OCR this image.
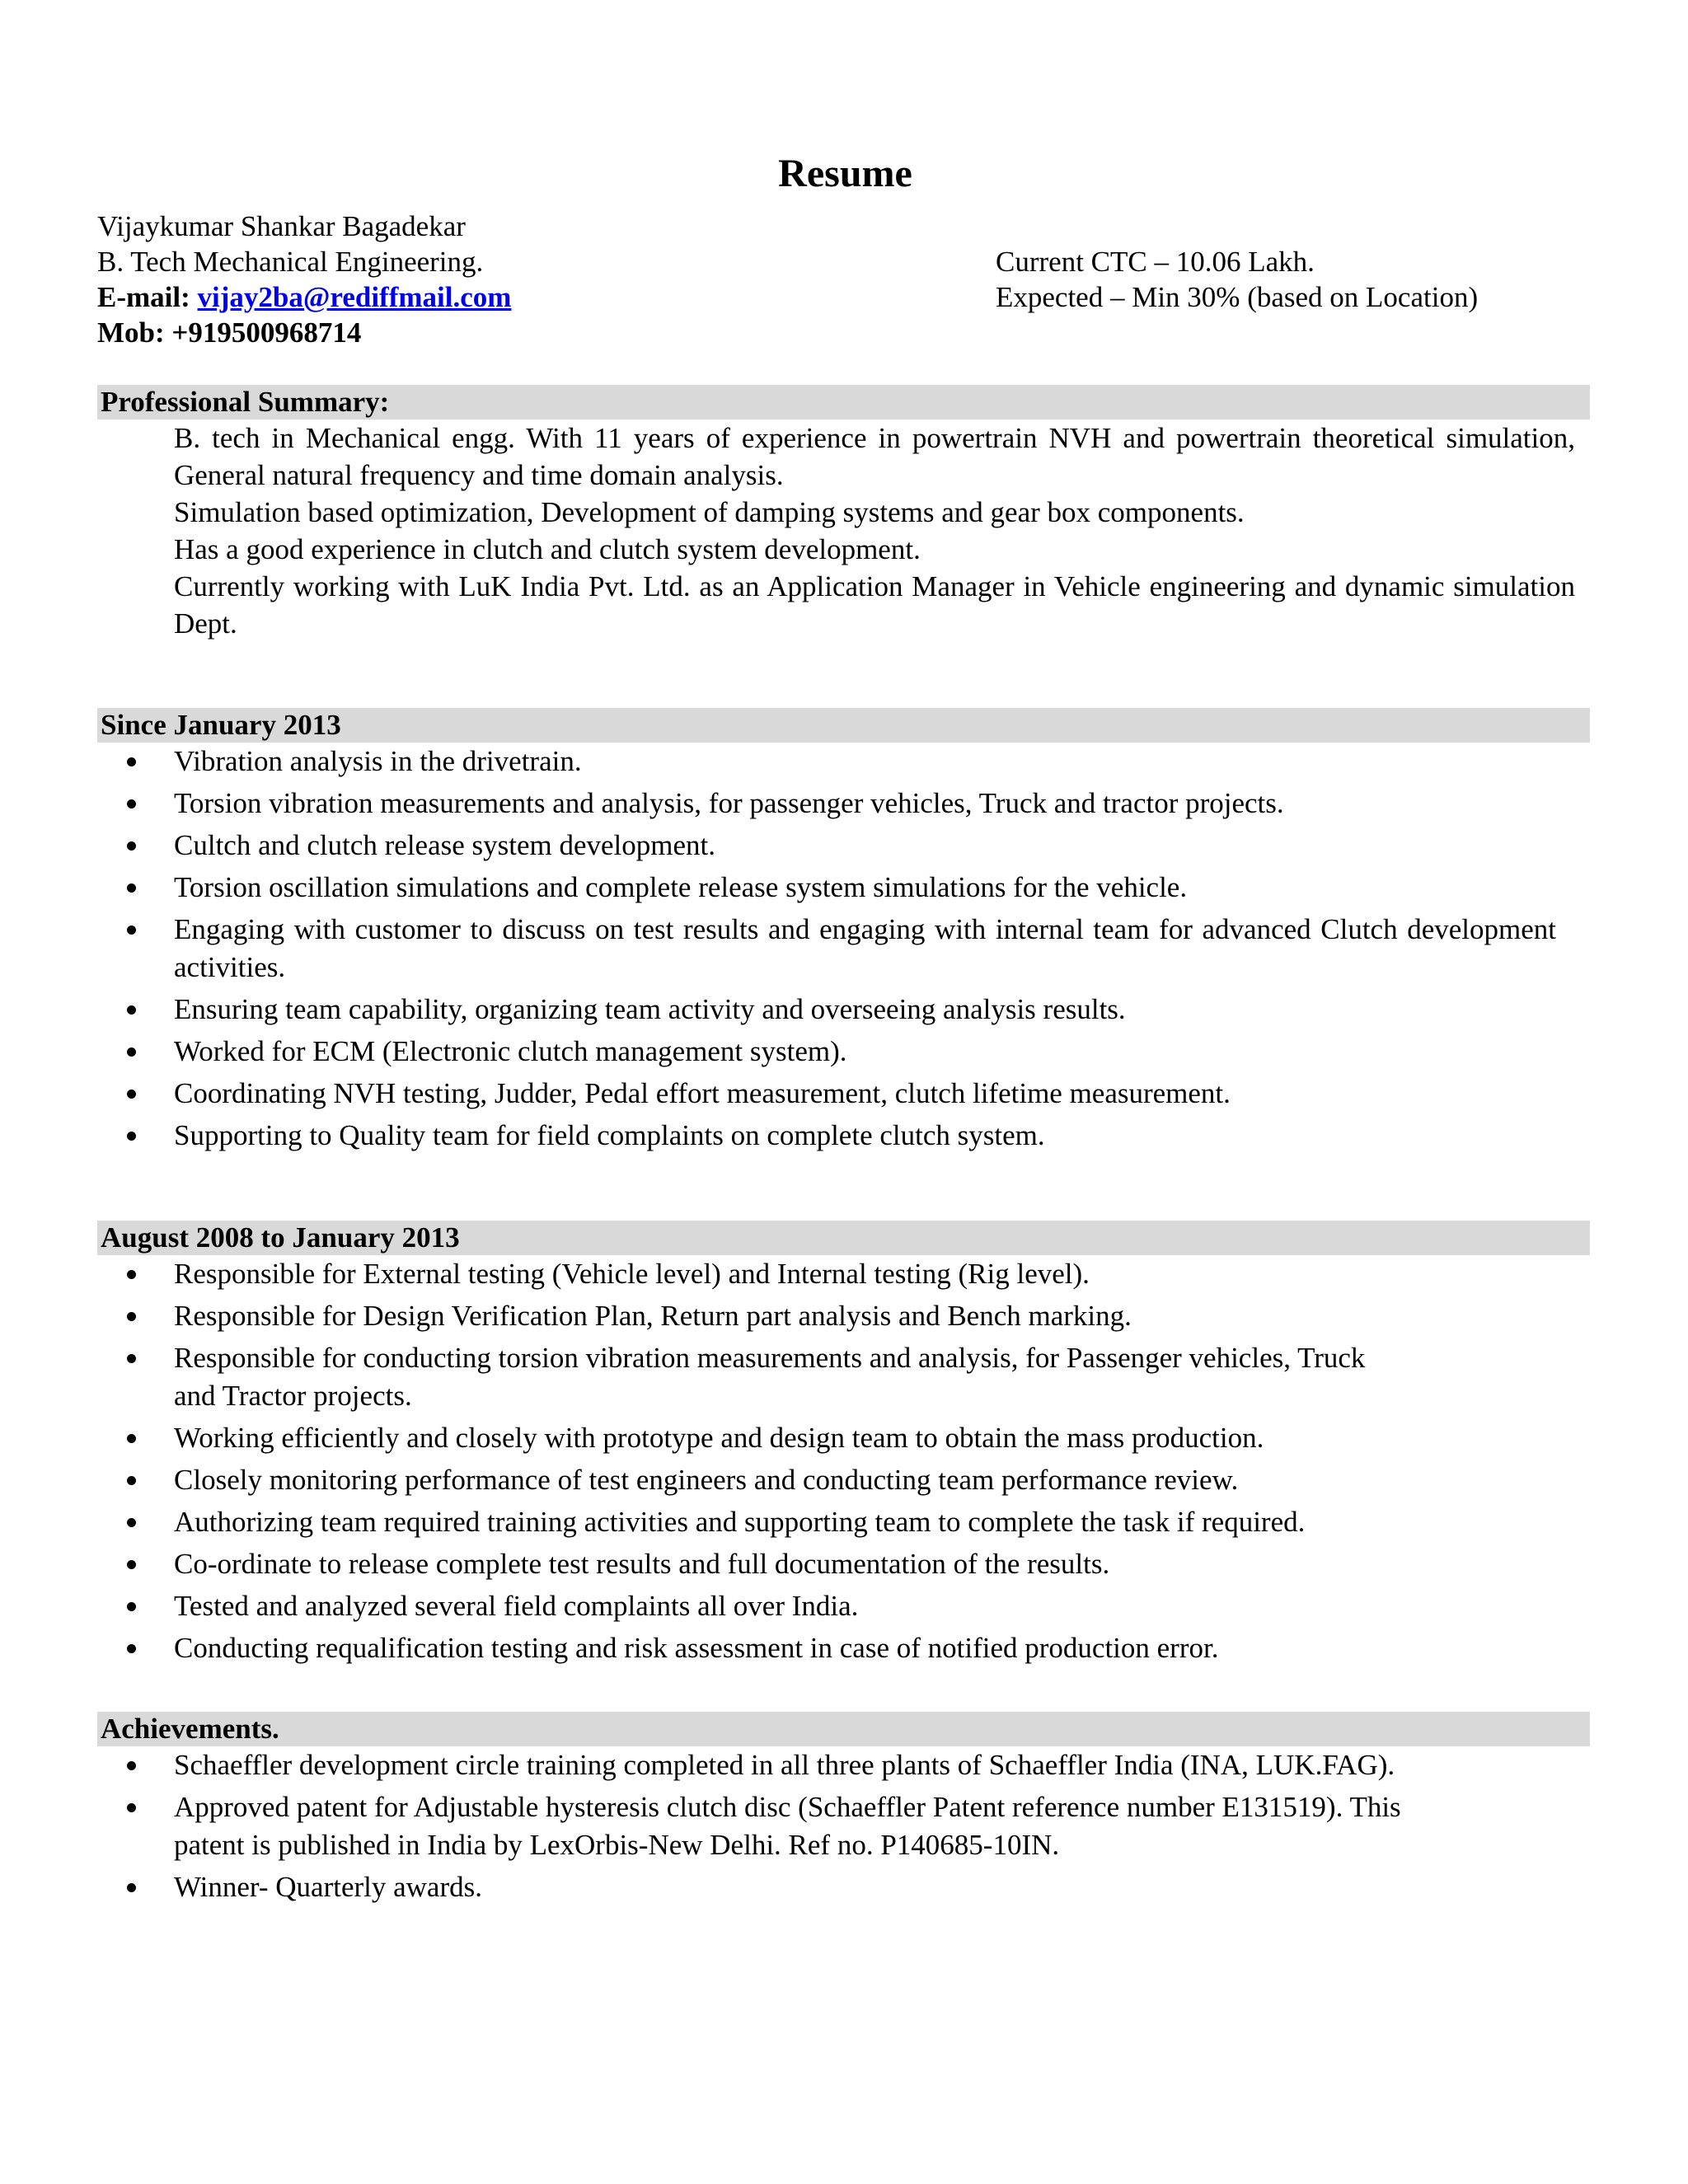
Resume
Vijaykumar Shankar Bagadekar
B. Tech Mechanical Engineering.
E-mail: vijay2ba@rediffmail.com
Mob: +919500968714
Current CTC – 10.06 Lakh.
Expected – Min 30% (based on Location)
Professional Summary:

B. tech in Mechanical engg. With 11 years of experience in powertrain NVH and powertrain theoretical simulation, General natural frequency and time domain analysis.

Simulation based optimization, Development of damping systems and gear box components.

Has a good experience in clutch and clutch system development.

Currently working with LuK India Pvt. Ltd. as an Application Manager in Vehicle engineering and dynamic simulation Dept.

Since January 2013
Vibration analysis in the drivetrain.
Torsion vibration measurements and analysis, for passenger vehicles, Truck and tractor projects.
Cultch and clutch release system development.
Torsion oscillation simulations and complete release system simulations for the vehicle.
Engaging with customer to discuss on test results and engaging with internal team for advanced Clutch development activities.
Ensuring team capability, organizing team activity and overseeing analysis results.
Worked for ECM (Electronic clutch management system).
Coordinating NVH testing, Judder, Pedal effort measurement, clutch lifetime measurement.
Supporting to Quality team for field complaints on complete clutch system.
August 2008 to January 2013
Responsible for External testing (Vehicle level) and Internal testing (Rig level).
Responsible for Design Verification Plan, Return part analysis and Bench marking.
Responsible for conducting torsion vibration measurements and analysis, for Passenger vehicles, Truck and Tractor projects.
Working efficiently and closely with prototype and design team to obtain the mass production.
Closely monitoring performance of test engineers and conducting team performance review.
Authorizing team required training activities and supporting team to complete the task if required.
Co-ordinate to release complete test results and full documentation of the results.
Tested and analyzed several field complaints all over India.
Conducting requalification testing and risk assessment in case of notified production error.
Achievements.
Schaeffler development circle training completed in all three plants of Schaeffler India (INA, LUK.FAG).
Approved patent for Adjustable hysteresis clutch disc (Schaeffler Patent reference number E131519). This patent is published in India by LexOrbis-New Delhi. Ref no. P140685-10IN.
Winner- Quarterly awards.
